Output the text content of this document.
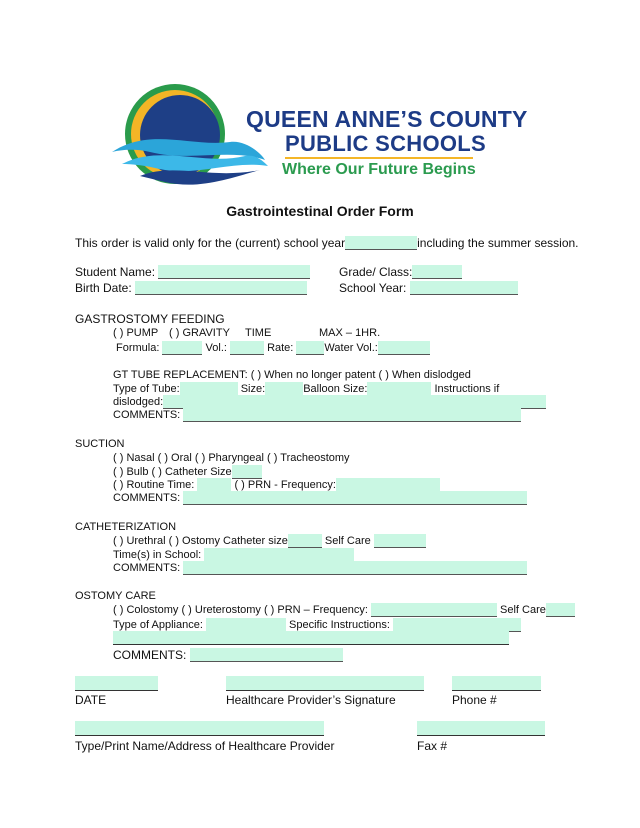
QUEEN ANNE’S COUNTY
PUBLIC SCHOOLS
Where Our Future Begins
Gastrointestinal Order Form
This order is valid only for the (current) school year	including the summer session.
Student Name:	Grade/ Class:
Birth Date:	School Year:
GASTROSTOMY FEEDING
( ) PUMP ( ) GRAVITY TIME	MAX – 1HR.
Formula:	Vol.:	Rate:	Water Vol.:
GT TUBE REPLACEMENT: ( ) When no longer patent ( ) When dislodged
Type of Tube:	Size:	Balloon Size:	Instructions if
dislodged:
COMMENTS:
SUCTION
( ) Nasal ( ) Oral ( ) Pharyngeal ( ) Tracheostomy
( ) Bulb ( ) Catheter Size
( ) Routine Time:	( ) PRN - Frequency:
COMMENTS:
CATHETERIZATION
( ) Urethral ( ) Ostomy Catheter size	Self Care
Time(s) in School:
COMMENTS:
OSTOMY CARE
( ) Colostomy ( ) Ureterostomy ( ) PRN – Frequency:	Self Care
Type of Appliance:	Specific Instructions:
COMMENTS:
DATE	Healthcare Provider’s Signature	Phone #
Type/Print Name/Address of Healthcare Provider	Fax #
